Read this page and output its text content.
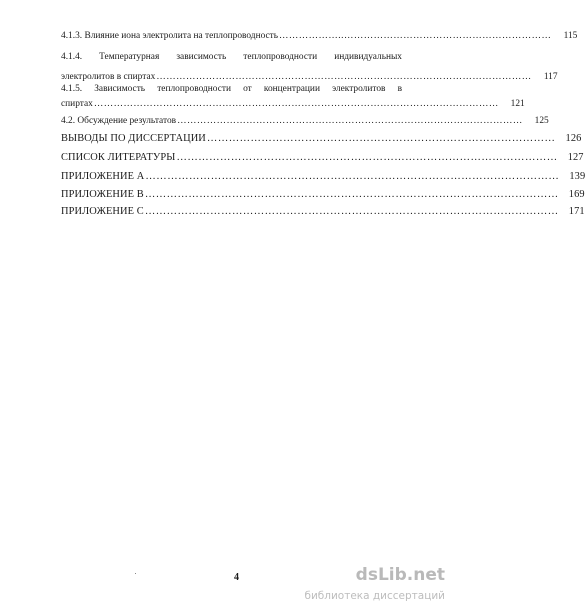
4.1.3. Влияние иона электролита на теплопроводность ………………..………………………………………………………	115
4.1.4. Температурная зависимость теплопроводности индивидуальных
электролитов в спиртах ……………………………………………………………………………………………………	117
4.1.5. Зависимость теплопроводности от концентрации электролитов в
спиртах ……………………………………………………………………………………………………………	121
4.2. Обсуждение результатов ……………………………………………………………………………………………	125
ВЫВОДЫ ПО ДИССЕРТАЦИИ …………………………………………………………………………………… 126
СПИСОК ЛИТЕРАТУРЫ …………………………………………………………………………………………… 127
ПРИЛОЖЕНИЕ А …………………………………………………………………………………………………… 139
ПРИЛОЖЕНИЕ В …………………………………………………………………………………………………… 169
ПРИЛОЖЕНИЕ С …………………………………………………………………………………………………… 171
4	dsLib.net
библиотека диссертаций
